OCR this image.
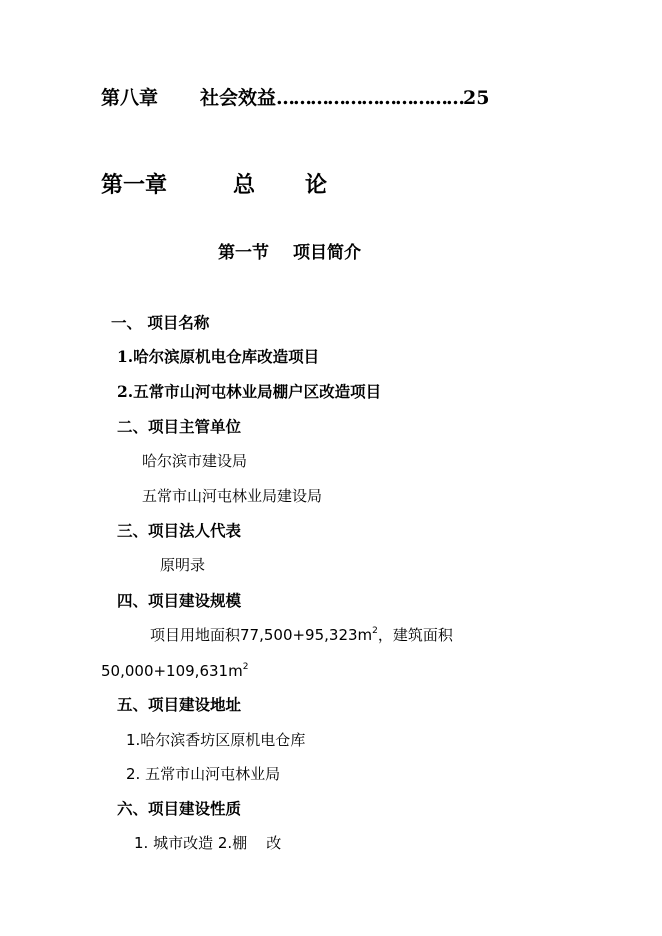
第八章 社会效益……………………………25
第一章	总 论
第一节 项目简介
一、 项目名称
1.哈尔滨原机电仓库改造项目
2.五常市山河屯林业局棚户区改造项目
二、项目主管单位
哈尔滨市建设局
五常市山河屯林业局建设局
三、项目法人代表
原明录
四、项目建设规模
项目用地面积$77,500+95,323m^2$，建筑面积
$50,000+109,631m^2$
五、项目建设地址
1.哈尔滨香坊区原机电仓库
2. 五常市山河屯林业局
六、项目建设性质
1. 城市改造 2.棚    改
